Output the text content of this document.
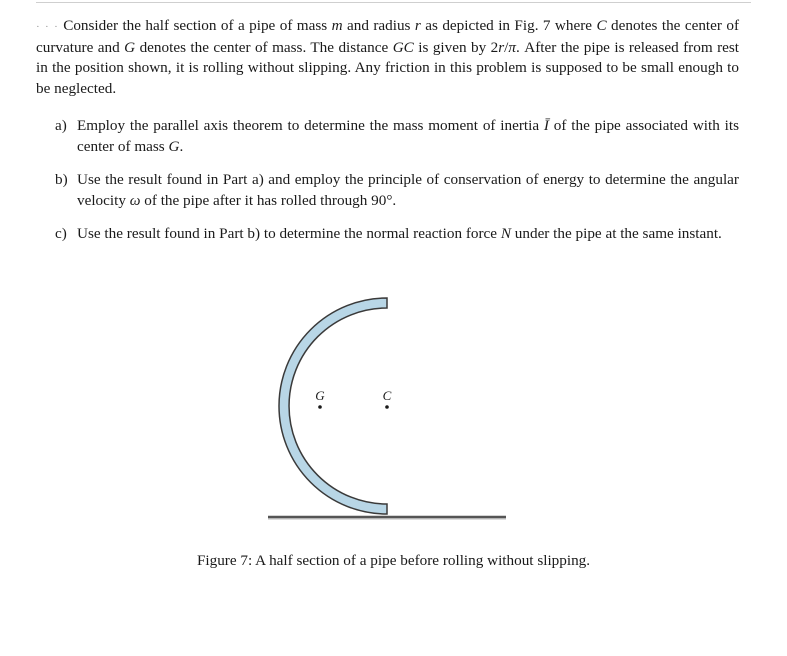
· · · Consider the half section of a pipe of mass m and radius r as depicted in Fig. 7 where C denotes the center of curvature and G denotes the center of mass. The distance GC is given by 2r/π. After the pipe is released from rest in the position shown, it is rolling without slipping. Any friction in this problem is supposed to be small enough to be neglected.

a) Employ the parallel axis theorem to determine the mass moment of inertia Ī of the pipe associated with its center of mass G.
b) Use the result found in Part a) and employ the principle of conservation of energy to determine the angular velocity ω of the pipe after it has rolled through 90°.
c) Use the result found in Part b) to determine the normal reaction force N under the pipe at the same instant.
G	C

Figure 7: A half section of a pipe before rolling without slipping.
